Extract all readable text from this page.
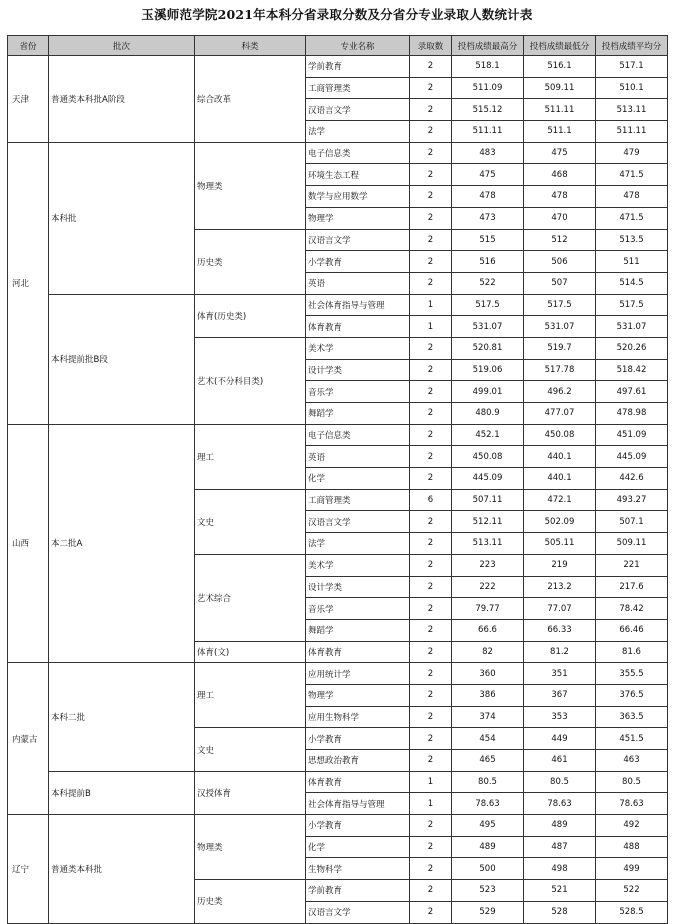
玉溪师范学院2021年本科分省录取分数及分省分专业录取人数统计表
省份	批次	科类	专业名称	录取数	投档成绩最高分	投档成绩最低分	投档成绩平均分
天津	普通类本科批A阶段	综合改革	学前教育	2	518.1	516.1	517.1
			工商管理类	2	511.09	509.11	510.1
			汉语言文学	2	515.12	511.11	513.11
			法学	2	511.11	511.1	511.11
河北	本科批	物理类	电子信息类	2	483	475	479
			环境生态工程	2	475	468	471.5
			数学与应用数学	2	478	478	478
			物理学	2	473	470	471.5
		历史类	汉语言文学	2	515	512	513.5
			小学教育	2	516	506	511
			英语	2	522	507	514.5
	本科提前批B段	体育(历史类)	社会体育指导与管理	1	517.5	517.5	517.5
			体育教育	1	531.07	531.07	531.07
		艺术(不分科目类)	美术学	2	520.81	519.7	520.26
			设计学类	2	519.06	517.78	518.42
			音乐学	2	499.01	496.2	497.61
			舞蹈学	2	480.9	477.07	478.98
山西	本二批A	理工	电子信息类	2	452.1	450.08	451.09
			英语	2	450.08	440.1	445.09
			化学	2	445.09	440.1	442.6
		文史	工商管理类	6	507.11	472.1	493.27
			汉语言文学	2	512.11	502.09	507.1
			法学	2	513.11	505.11	509.11
		艺术综合	美术学	2	223	219	221
			设计学类	2	222	213.2	217.6
			音乐学	2	79.77	77.07	78.42
			舞蹈学	2	66.6	66.33	66.46
		体育(文)	体育教育	2	82	81.2	81.6
内蒙古	本科二批	理工	应用统计学	2	360	351	355.5
			物理学	2	386	367	376.5
			应用生物科学	2	374	353	363.5
		文史	小学教育	2	454	449	451.5
			思想政治教育	2	465	461	463
	本科提前B	汉授体育	体育教育	1	80.5	80.5	80.5
			社会体育指导与管理	1	78.63	78.63	78.63
辽宁	普通类本科批	物理类	小学教育	2	495	489	492
			化学	2	489	487	488
			生物科学	2	500	498	499
		历史类	学前教育	2	523	521	522
			汉语言文学	2	529	528	528.5
